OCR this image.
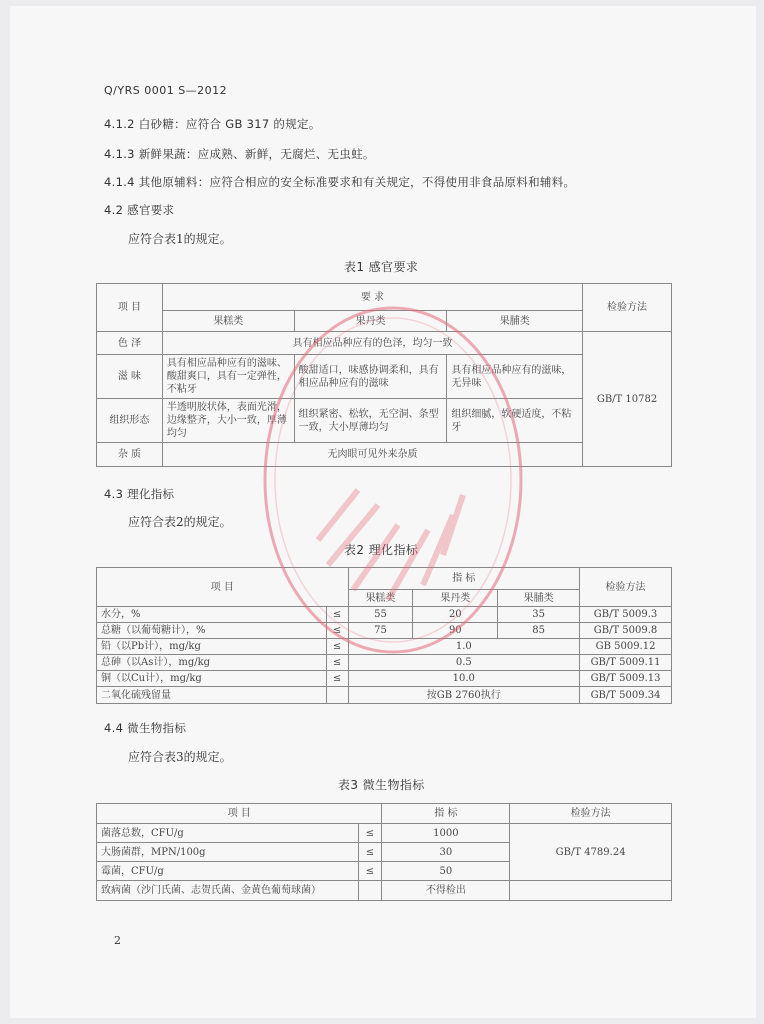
Q/YRS 0001 S—2012
4.1.2 白砂糖：应符合 GB 317 的规定。
4.1.3 新鲜果蔬：应成熟、新鲜，无腐烂、无虫蛀。
4.1.4 其他原辅料：应符合相应的安全标准要求和有关规定，不得使用非食品原料和辅料。
4.2 感官要求
应符合表1的规定。
表1 感官要求
项 目	要 求			检验方法
	果糕类	果丹类	果脯类	
色 泽	具有相应品种应有的色泽，均匀一致			GB/T 10782
滋 味	具有相应品种应有的滋味、酸甜爽口，具有一定弹性，不粘牙	酸甜适口，味感协调柔和，具有相应品种应有的滋味	具有相应品种应有的滋味，无异味	
组织形态	半透明胶状体，表面光滑，边缘整齐，大小一致，厚薄均匀	组织紧密、松软，无空洞、条型一致，大小厚薄均匀	组织细腻，软硬适度，不粘牙	
杂 质	无肉眼可见外来杂质			
4.3 理化指标
应符合表2的规定。
表2 理化指标
项 目		指 标			检验方法
		果糕类	果丹类	果脯类	
水分，%	≤	55	20	35	GB/T 5009.3
总糖（以葡萄糖计），%	≤	75	90	85	GB/T 5009.8
铅（以Pb计），mg/kg	≤	1.0			GB 5009.12
总砷（以As计），mg/kg	≤	0.5			GB/T 5009.11
铜（以Cu计），mg/kg	≤	10.0			GB/T 5009.13
二氧化硫残留量		按GB 2760执行			GB/T 5009.34
4.4 微生物指标
应符合表3的规定。
表3 微生物指标
项 目		指 标	检验方法
菌落总数，CFU/g	≤	1000	GB/T 4789.24
大肠菌群，MPN/100g	≤	30	
霉菌，CFU/g	≤	50	
致病菌（沙门氏菌、志贺氏菌、金黄色葡萄球菌）		不得检出	
2
